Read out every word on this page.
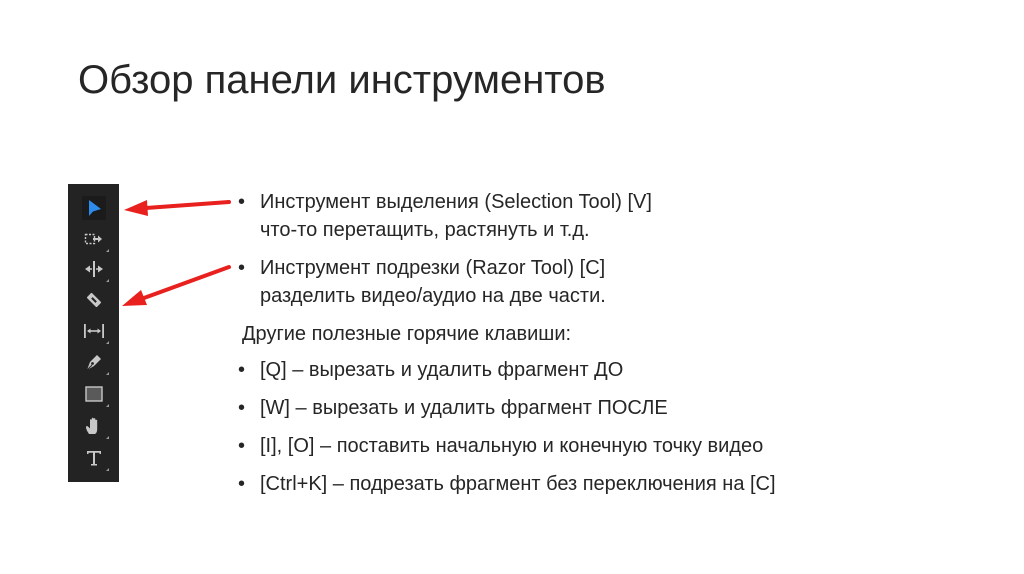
Обзор панели инструментов
• Инструмент выделения (Selection Tool) [V]
что-то перетащить, растянуть и т.д.
• Инструмент подрезки (Razor Tool) [C]
разделить видео/аудио на две части.
Другие полезные горячие клавиши:
• [Q] – вырезать и удалить фрагмент ДО
• [W] – вырезать и удалить фрагмент ПОСЛЕ
• [I], [O] – поставить начальную и конечную точку видео
• [Ctrl+K] – подрезать фрагмент без переключения на [C]
